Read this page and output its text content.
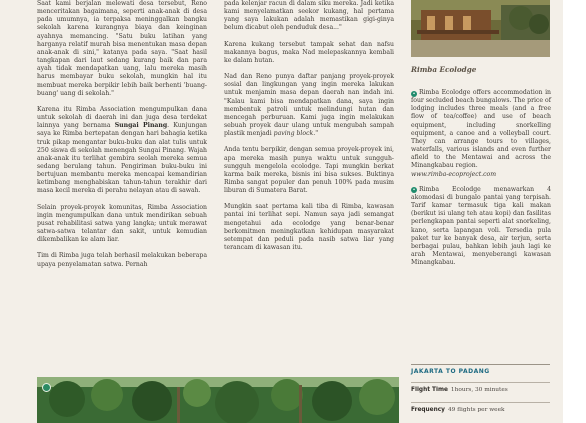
Saat kami berjalan melewati desa tersebut, Reno menceritakan bagaimana, seperti anak-anak di desa pada umumnya, ia terpaksa meninggalkan bangku sekolah karena kurangnya biaya dan keinginan ayahnya memancing. "Satu buku latihan yang harganya relatif murah bisa menentukan masa depan anak-anak di sini," katanya pada saya. "Saat hasil tangkapan dari laut sedang kurang baik dan para ayah tidak mendapatkan uang, lalu mereka masih harus membayar buku sekolah, mungkin hal itu membuat mereka berpikir lebih baik berhenti 'buang-buang' uang di sekolah."

Karena itu Rimba Association mengumpulkan dana untuk sekolah di daerah ini dan juga desa terdekat lainnya yang bernama Sungai Pinang. Kunjungan saya ke Rimba bertepatan dengan hari bahagia ketika truk pikap mengantar buku-buku dan alat tulis untuk 250 siswa di sekolah menengah Sungai Pinang. Wajah anak-anak itu terlihat gembira seolah mereka semua sedang berulang tahun. Pengiriman buku-buku ini bertujuan membantu mereka mencapai kemandirian ketimbang menghabiskan tahun-tahun terakhir dari masa kecil mereka di perahu nelayan atau di sawah.

Selain proyek-proyek komunitas, Rimba Association ingin mengumpulkan dana untuk mendirikan sebuah pusat rehabilitasi satwa yang langka; untuk merawat satwa-satwa telantar dan sakit, untuk kemudian dikembalikan ke alam liar.

Tim di Rimba juga telah berhasil melakukan beberapa upaya penyelamatan satwa. Pernah

pada kelenjar racun di dalam siku mereka. Jadi ketika kami menyelamatkan seekor kukang, hal pertama yang saya lakukan adalah memastikan gigi-ginya belum dicabut oleh penduduk desa..."

Karena kukang tersebut tampak sehat dan nafsu makannya bagus, maka Nad melepaskannya kembali ke dalam hutan.

Nad dan Reno punya daftar panjang proyek-proyek sosial dan lingkungan yang ingin mereka lakukan untuk menjamin masa depan daerah nan indah ini. "Kalau kami bisa mendapatkan dana, saya ingin membentuk patroli untuk melindungi hutan dan mencegah perburuan. Kami juga ingin melakukan sebuah proyek daur ulang untuk mengubah sampah plastik menjadi paving block."

Anda tentu berpikir, dengan semua proyek-proyek ini, apa mereka masih punya waktu untuk sungguh-sungguh mengelola ecolodge. Tapi mungkin berkat karma baik mereka, bisnis ini bisa sukses. Buktinya Rimba sangat populer dan penuh 100% pada musim liburan di Sumatera Barat.

Mungkin saat pertama kali tiba di Rimba, kawasan pantai ini terlihat sepi. Namun saya jadi semangat mengetahui ada ecolodge yang benar-benar berkomitmen meningkatkan kehidupan masyarakat setempat dan peduli pada nasib satwa liar yang terancam di kawasan itu.

Rimba Ecolodge

• Rimba Ecolodge offers accommodation in four secluded beach bungalows. The price of lodging includes three meals (and a free flow of tea/coffee) and use of beach equipment, including snorkelling equipment, a canoe and a volleyball court. They can arrange tours to villages, waterfalls, various islands and even further afield to the Mentawai and across the Minangkabau region.
www.rimba-ecoproject.com

• Rimba Ecolodge menawarkan 4 akomodasi di bungalo pantai yang terpisah. Tarif kamar termasuk tiga kali makan (berikut isi ulang teh atau kopi) dan fasilitas perlengkapan pantai seperti alat snorkeling, kano, serta lapangan voli. Tersedia pula paket tur ke banyak desa, air terjun, serta berbagai pulau, bahkan lebih jauh lagi ke arah Mentawai, menyeberangi kawasan Minangkabau.

JAKARTA TO PADANG
Flight Time 1hours, 30 minutes
Frequency 49 flights per week
